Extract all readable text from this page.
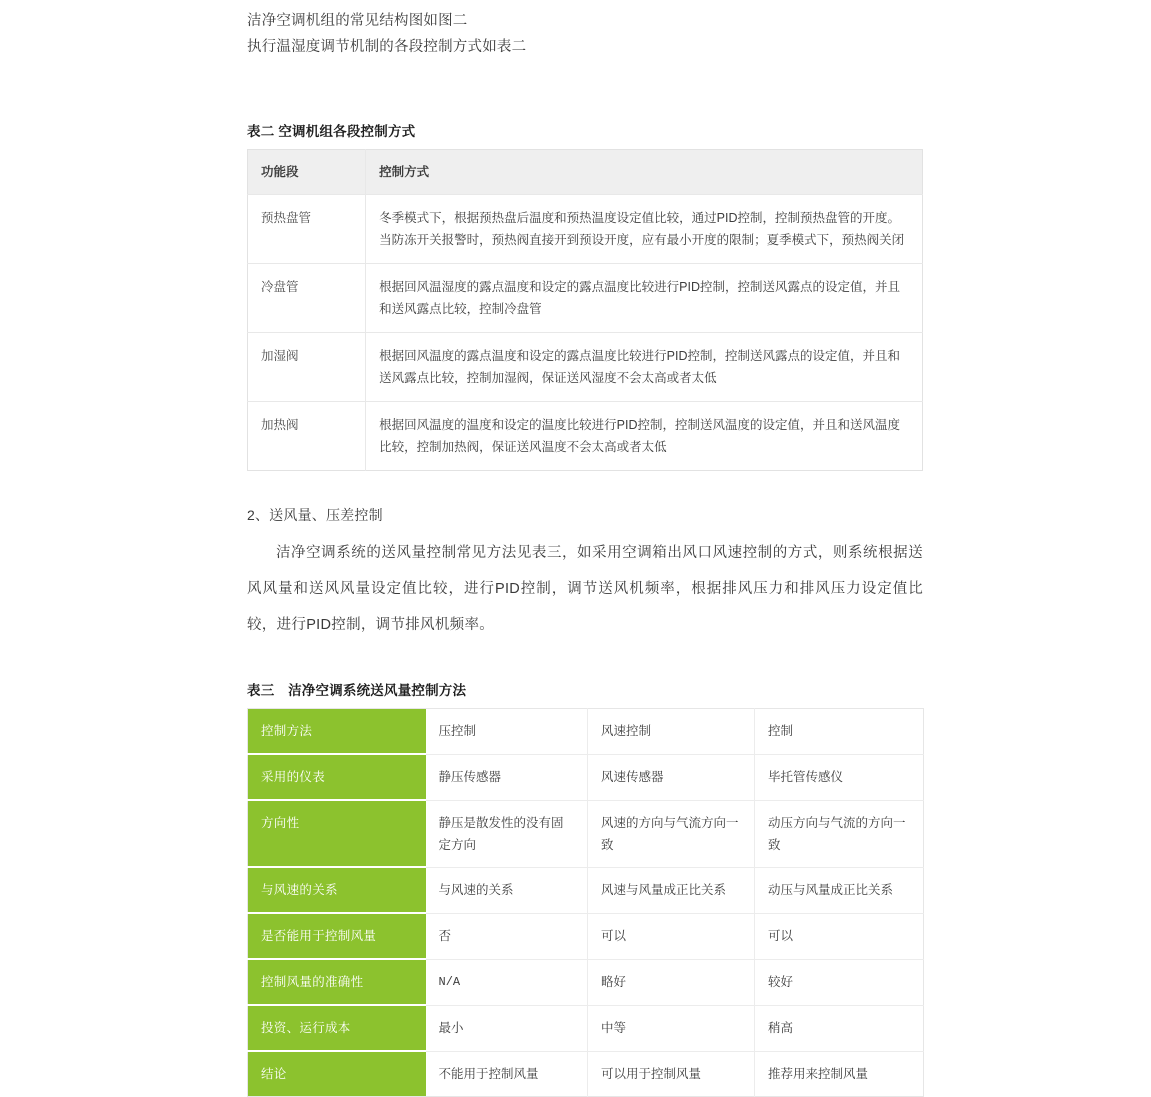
洁净空调机组的常见结构图如图二
执行温湿度调节机制的各段控制方式如表二
表二 空调机组各段控制方式
功能段	控制方式
预热盘管	冬季模式下，根据预热盘后温度和预热温度设定值比较，通过PID控制，控制预热盘管的开度。当防冻开关报警时，预热阀直接开到预设开度，应有最小开度的限制；夏季模式下，预热阀关闭
冷盘管	根据回风温湿度的露点温度和设定的露点温度比较进行PID控制，控制送风露点的设定值，并且和送风露点比较，控制冷盘管
加湿阀	根据回风温度的露点温度和设定的露点温度比较进行PID控制，控制送风露点的设定值，并且和送风露点比较，控制加湿阀，保证送风湿度不会太高或者太低
加热阀	根据回风温度的温度和设定的温度比较进行PID控制，控制送风温度的设定值，并且和送风温度比较，控制加热阀，保证送风温度不会太高或者太低
2、送风量、压差控制
洁净空调系统的送风量控制常见方法见表三，如采用空调箱出风口风速控制的方式，则系统根据送风风量和送风风量设定值比较，进行PID控制，调节送风机频率，根据排风压力和排风压力设定值比较，进行PID控制，调节排风机频率。
表三　洁净空调系统送风量控制方法
控制方法	压控制	风速控制	控制
采用的仪表	静压传感器	风速传感器	毕托管传感仪
方向性	静压是散发性的没有固定方向	风速的方向与气流方向一致	动压方向与气流的方向一致
与风速的关系	与风速的关系	风速与风量成正比关系	动压与风量成正比关系
是否能用于控制风量	否	可以	可以
控制风量的准确性	N/A	略好	较好
投资、运行成本	最小	中等	稍高
结论	不能用于控制风量	可以用于控制风量	推荐用来控制风量
